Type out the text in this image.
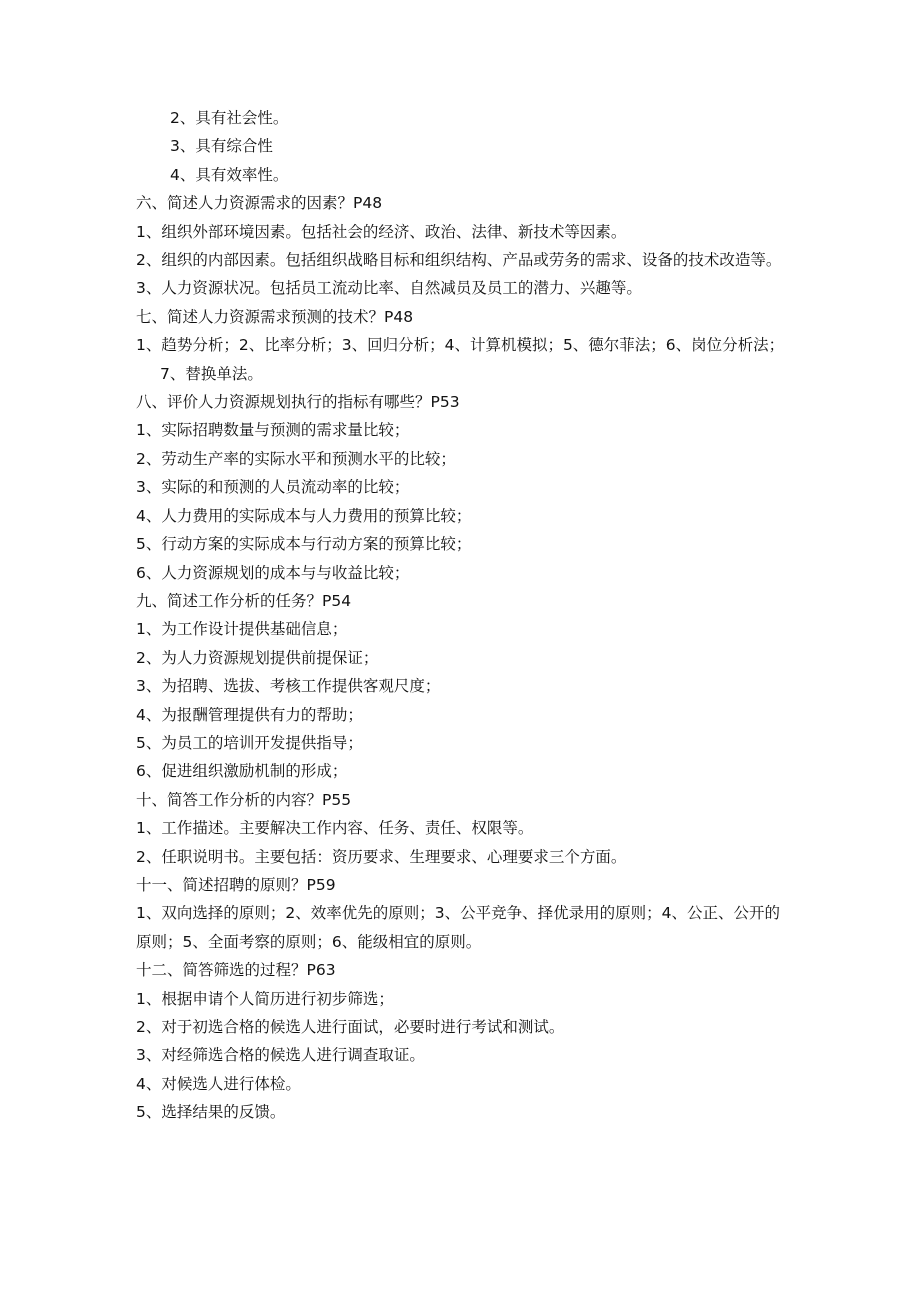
2、具有社会性。
3、具有综合性
4、具有效率性。
六、简述人力资源需求的因素？P48
1、组织外部环境因素。包括社会的经济、政治、法律、新技术等因素。
2、组织的内部因素。包括组织战略目标和组织结构、产品或劳务的需求、设备的技术改造等。
3、人力资源状况。包括员工流动比率、自然减员及员工的潜力、兴趣等。
七、简述人力资源需求预测的技术？P48
1、趋势分析；2、比率分析；3、回归分析；4、计算机模拟；5、德尔菲法；6、岗位分析法；7、替换单法。
八、评价人力资源规划执行的指标有哪些？P53
1、实际招聘数量与预测的需求量比较；
2、劳动生产率的实际水平和预测水平的比较；
3、实际的和预测的人员流动率的比较；
4、人力费用的实际成本与人力费用的预算比较；
5、行动方案的实际成本与行动方案的预算比较；
6、人力资源规划的成本与与收益比较；
九、简述工作分析的任务？P54
1、为工作设计提供基础信息；
2、为人力资源规划提供前提保证；
3、为招聘、选拔、考核工作提供客观尺度；
4、为报酬管理提供有力的帮助；
5、为员工的培训开发提供指导；
6、促进组织激励机制的形成；
十、简答工作分析的内容？P55
1、工作描述。主要解决工作内容、任务、责任、权限等。
2、任职说明书。主要包括：资历要求、生理要求、心理要求三个方面。
十一、简述招聘的原则？P59
1、双向选择的原则；2、效率优先的原则；3、公平竞争、择优录用的原则；4、公正、公开的原则；5、全面考察的原则；6、能级相宜的原则。
十二、简答筛选的过程？P63
1、根据申请个人简历进行初步筛选；
2、对于初选合格的候选人进行面试，必要时进行考试和测试。
3、对经筛选合格的候选人进行调查取证。
4、对候选人进行体检。
5、选择结果的反馈。
